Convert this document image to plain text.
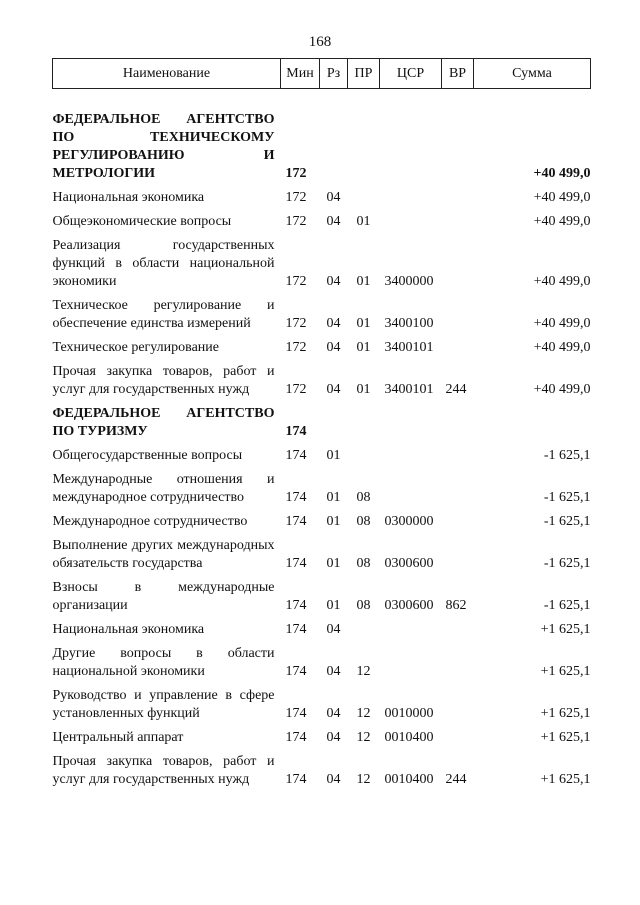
168
Наименование	Мин	Рз	ПР	ЦСР	ВР	Сумма

ФЕДЕРАЛЬНОЕ АГЕНТСТВО ПО ТЕХНИЧЕСКОМУ РЕГУЛИРОВАНИЮ И МЕТРОЛОГИИ	172					+40 499,0
Национальная экономика	172	04				+40 499,0
Общеэкономические вопросы	172	04	01			+40 499,0
Реализация государственных функций в области национальной экономики	172	04	01	3400000		+40 499,0
Техническое регулирование и обеспечение единства измерений	172	04	01	3400100		+40 499,0
Техническое регулирование	172	04	01	3400101		+40 499,0
Прочая закупка товаров, работ и услуг для государственных нужд	172	04	01	3400101	244	+40 499,0
ФЕДЕРАЛЬНОЕ АГЕНТСТВО ПО ТУРИЗМУ	174					
Общегосударственные вопросы	174	01				-1 625,1
Международные отношения и международное сотрудничество	174	01	08			-1 625,1
Международное сотрудничество	174	01	08	0300000		-1 625,1
Выполнение других международных обязательств государства	174	01	08	0300600		-1 625,1
Взносы в международные организации	174	01	08	0300600	862	-1 625,1
Национальная экономика	174	04				+1 625,1
Другие вопросы в области национальной экономики	174	04	12			+1 625,1
Руководство и управление в сфере установленных функций	174	04	12	0010000		+1 625,1
Центральный аппарат	174	04	12	0010400		+1 625,1
Прочая закупка товаров, работ и услуг для государственных нужд	174	04	12	0010400	244	+1 625,1
